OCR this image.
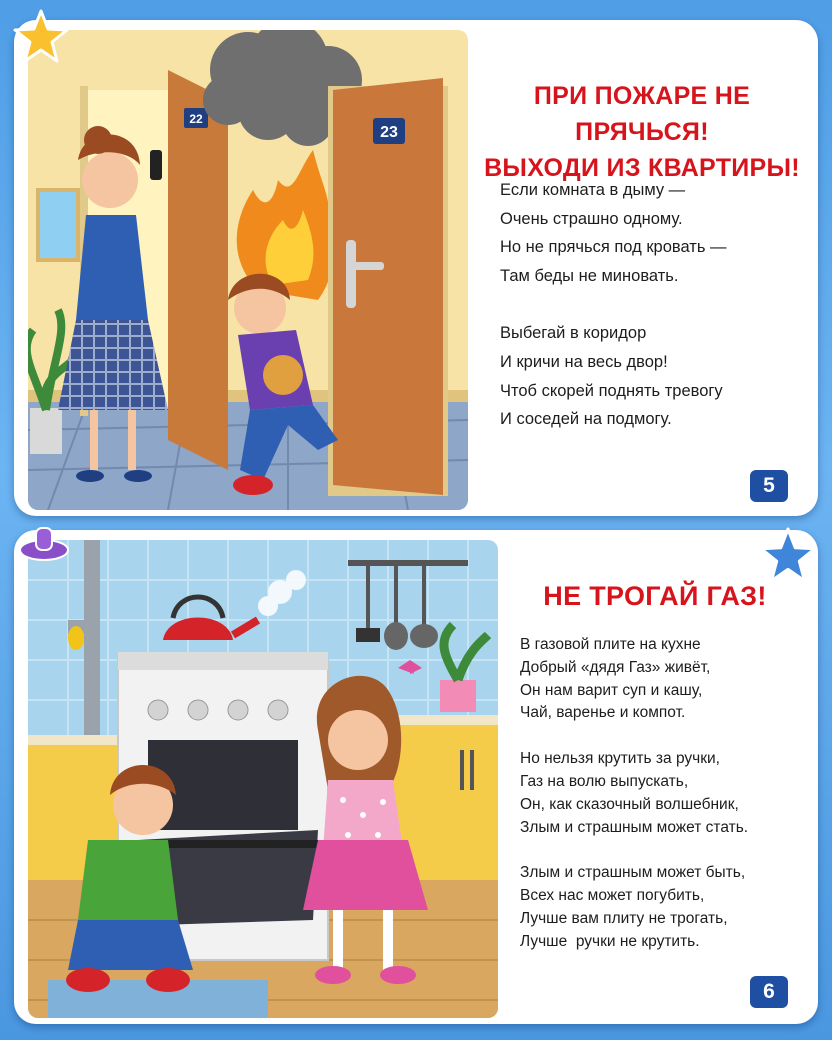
22
23
ПРИ ПОЖАРЕ НЕ ПРЯЧЬСЯ!
ВЫХОДИ ИЗ КВАРТИРЫ!
Если комната в дыму —
Очень страшно одному.
Но не прячься под кровать —
Там беды не миновать.
Выбегай в коридор
И кричи на весь двор!
Чтоб скорей поднять тревогу
И соседей на подмогу.
5
НЕ ТРОГАЙ ГАЗ!
В газовой плите на кухне
Добрый «дядя Газ» живёт,
Он нам варит суп и кашу,
Чай, варенье и компот.
Но нельзя крутить за ручки,
Газ на волю выпускать,
Он, как сказочный волшебник,
Злым и страшным может стать.
Злым и страшным может быть,
Всех нас может погубить,
Лучше вам плиту не трогать,
Лучше  ручки не крутить.
6
